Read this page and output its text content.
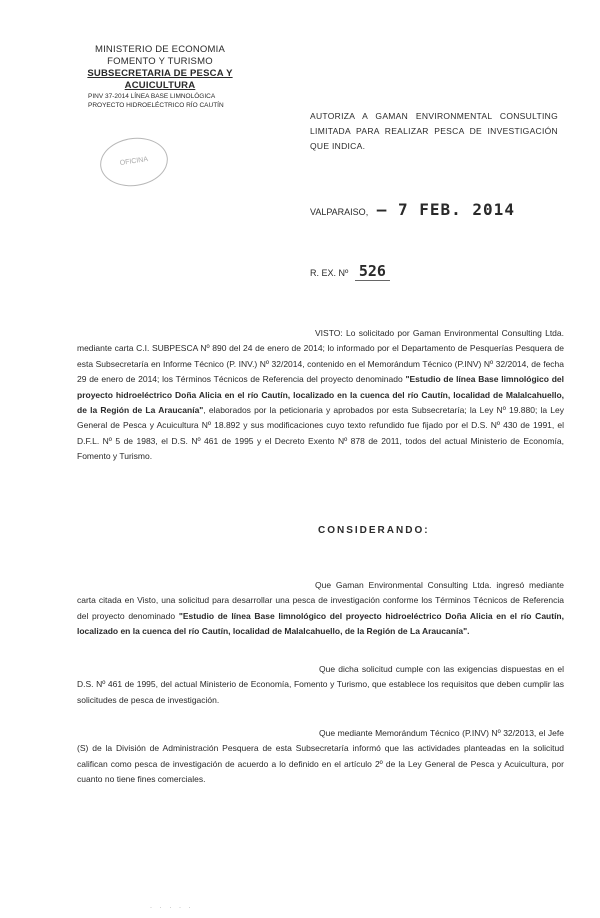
MINISTERIO DE ECONOMIA
FOMENTO Y TURISMO
SUBSECRETARIA DE PESCA Y ACUICULTURA
PINV 37-2014 LÍNEA BASE LIMNOLÓGICA
PROYECTO HIDROELÉCTRICO RÍO CAUTÍN
OFICINA
AUTORIZA A GAMAN ENVIRONMENTAL CONSULTING LIMITADA PARA REALIZAR PESCA DE INVESTIGACIÓN QUE INDICA.
VALPARAISO, – 7 FEB. 2014
R. EX. Nº 526
VISTO: Lo solicitado por Gaman Environmental Consulting Ltda. mediante carta C.I. SUBPESCA Nº 890 del 24 de enero de 2014; lo informado por el Departamento de Pesquerías Pesquera de esta Subsecretaría en Informe Técnico (P. INV.) Nº 32/2014, contenido en el Memorándum Técnico (P.INV) Nº 32/2014, de fecha 29 de enero de 2014; los Términos Técnicos de Referencia del proyecto denominado "Estudio de línea Base limnológico del proyecto hidroeléctrico Doña Alicia en el río Cautín, localizado en la cuenca del río Cautín, localidad de Malalcahuello, de la Región de La Araucanía", elaborados por la peticionaria y aprobados por esta Subsecretaría; la Ley Nº 19.880; la Ley General de Pesca y Acuicultura Nº 18.892 y sus modificaciones cuyo texto refundido fue fijado por el D.S. Nº 430 de 1991, el D.F.L. Nº 5 de 1983, el D.S. Nº 461 de 1995 y el Decreto Exento Nº 878 de 2011, todos del actual Ministerio de Economía, Fomento y Turismo.
CONSIDERANDO:
Que Gaman Environmental Consulting Ltda. ingresó mediante carta citada en Visto, una solicitud para desarrollar una pesca de investigación conforme los Términos Técnicos de Referencia del proyecto denominado "Estudio de línea Base limnológico del proyecto hidroeléctrico Doña Alicia en el río Cautín, localizado en la cuenca del río Cautín, localidad de Malalcahuello, de la Región de La Araucanía".
Que dicha solicitud cumple con las exigencias dispuestas en el D.S. Nº 461 de 1995, del actual Ministerio de Economía, Fomento y Turismo, que establece los requisitos que deben cumplir las solicitudes de pesca de investigación.
Que mediante Memorándum Técnico (P.INV) Nº 32/2013, el Jefe (S) de la División de Administración Pesquera de esta Subsecretaría informó que las actividades planteadas en la solicitud califican como pesca de investigación de acuerdo a lo definido en el artículo 2º de la Ley General de Pesca y Acuicultura, por cuanto no tiene fines comerciales.
· · · · ·
